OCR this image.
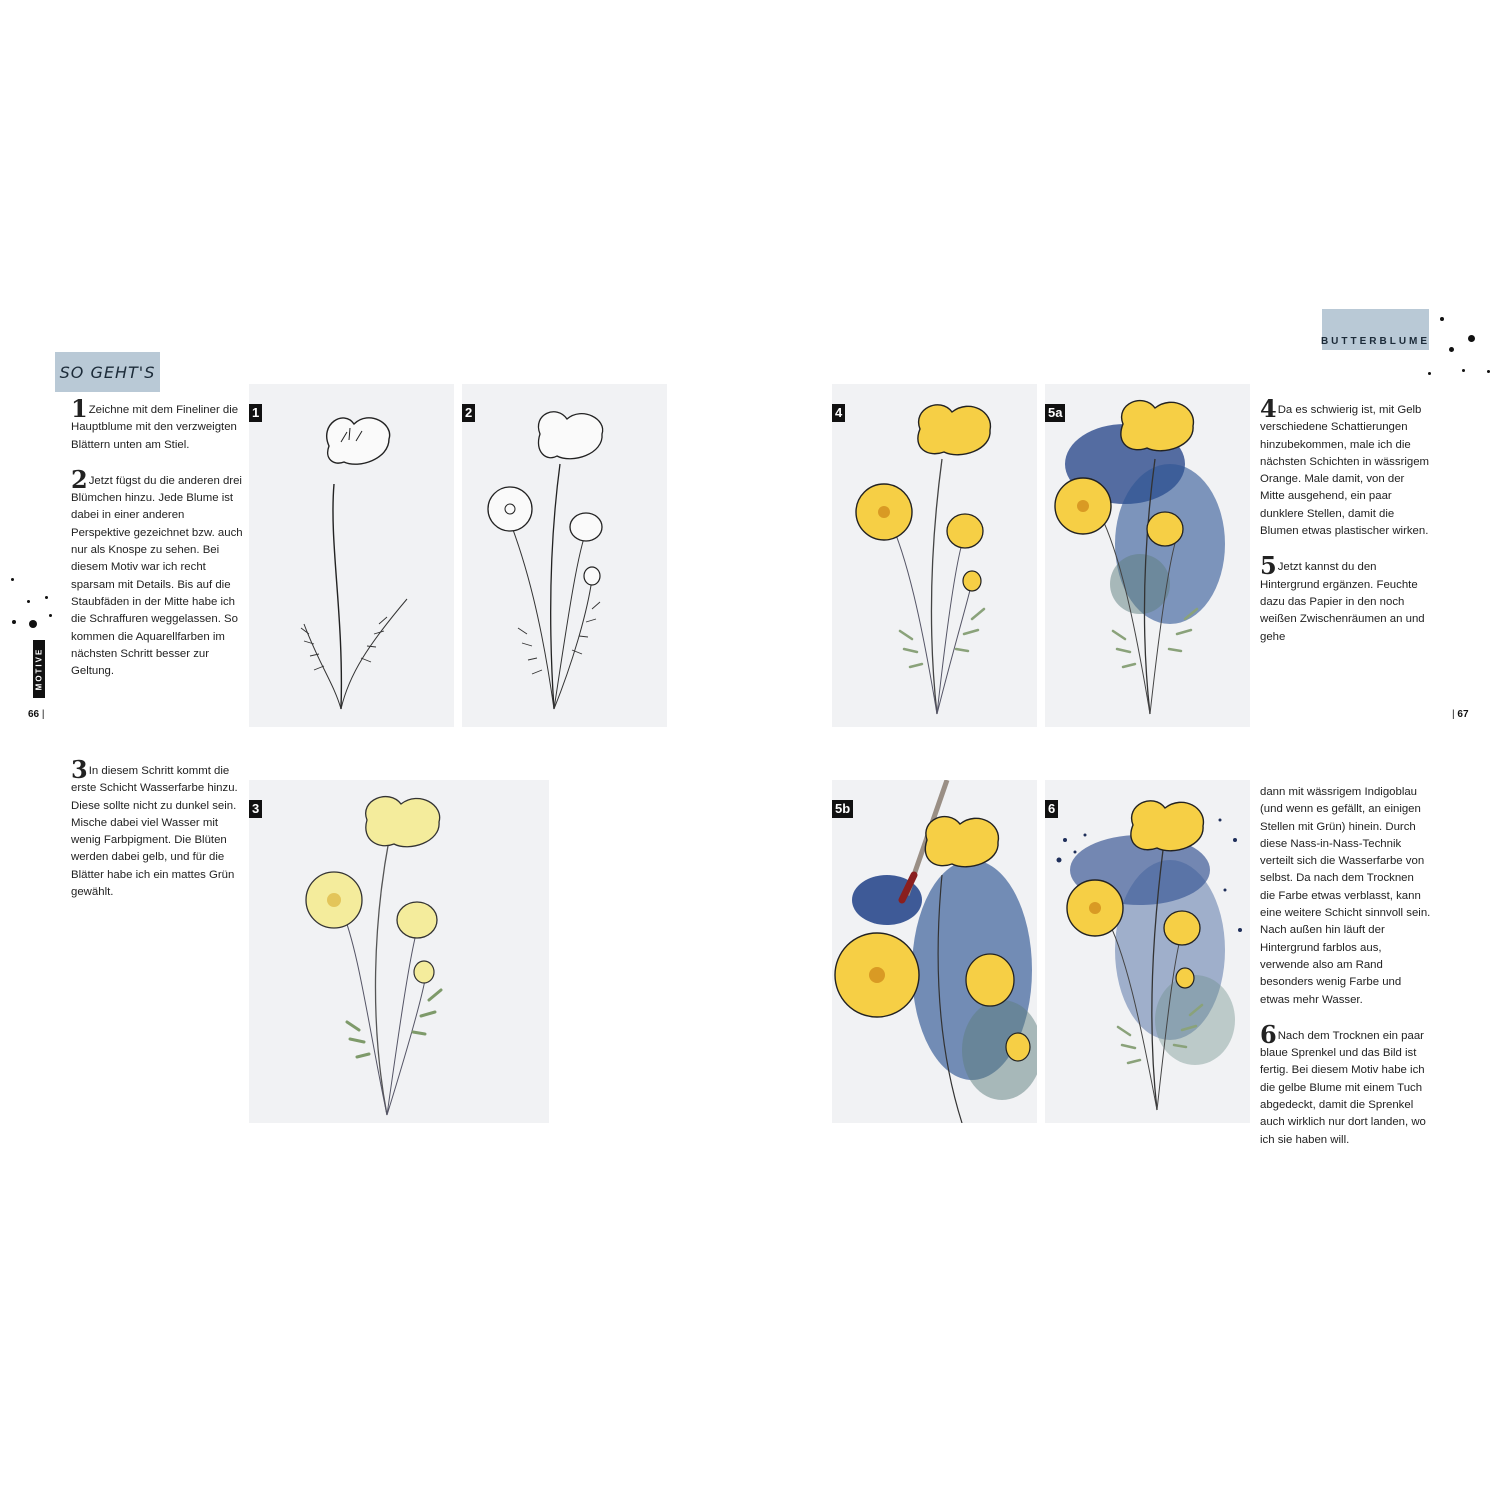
SO GEHT'S
BUTTERBLUME
MOTIVE
66 |	| 67

1Zeichne mit dem Fineliner die Hauptblume mit den verzweigten Blättern unten am Stiel.

2Jetzt fügst du die anderen drei Blümchen hinzu. Jede Blume ist dabei in einer anderen Perspektive gezeichnet bzw. auch nur als Knospe zu sehen. Bei diesem Motiv war ich recht sparsam mit Details. Bis auf die Staubfäden in der Mitte habe ich die Schraffuren weggelassen. So kommen die Aquarellfarben im nächsten Schritt besser zur Geltung.

3In diesem Schritt kommt die erste Schicht Wasserfarbe hinzu. Diese sollte nicht zu dunkel sein. Mische dabei viel Wasser mit wenig Farbpigment. Die Blüten werden dabei gelb, und für die Blätter habe ich ein mattes Grün gewählt.

4Da es schwierig ist, mit Gelb verschiedene Schattierungen hinzubekommen, male ich die nächsten Schichten in wässrigem Orange. Male damit, von der Mitte ausgehend, ein paar dunklere Stellen, damit die Blumen etwas plastischer wirken.

5Jetzt kannst du den Hintergrund ergänzen. Feuchte dazu das Papier in den noch weißen Zwischenräumen an und gehe

dann mit wässrigem Indigoblau (und wenn es gefällt, an einigen Stellen mit Grün) hinein. Durch diese Nass-in-Nass-Technik verteilt sich die Wasserfarbe von selbst. Da nach dem Trocknen die Farbe etwas verblasst, kann eine weitere Schicht sinnvoll sein. Nach außen hin läuft der Hintergrund farblos aus, verwende also am Rand besonders wenig Farbe und etwas mehr Wasser.

6Nach dem Trocknen ein paar blaue Sprenkel und das Bild ist fertig. Bei diesem Motiv habe ich die gelbe Blume mit einem Tuch abgedeckt, damit die Sprenkel auch wirklich nur dort landen, wo ich sie haben will.

1	2
3
4	5a
5b	6
